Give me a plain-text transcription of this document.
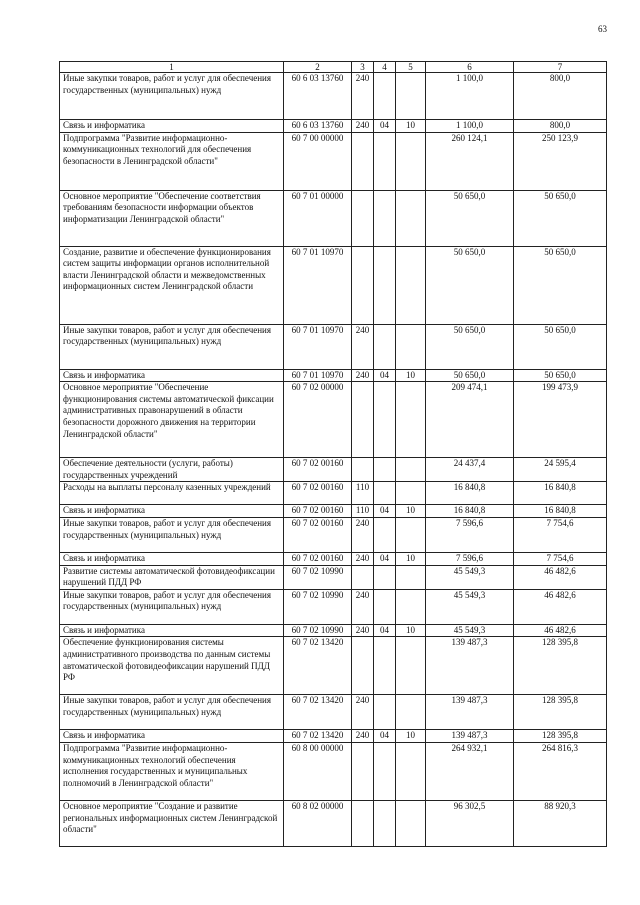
63
1	2	3	4	5	6	7
Иные закупки товаров, работ и услуг для обеспечения государственных (муниципальных) нужд	60 6 03 13760	240			1 100,0	800,0
Связь и информатика	60 6 03 13760	240	04	10	1 100,0	800,0
Подпрограмма "Развитие информационно-коммуникационных технологий для обеспечения безопасности в Ленинградской области"	60 7 00 00000				260 124,1	250 123,9
Основное мероприятие "Обеспечение соответствия требованиям безопасности информации объектов информатизации Ленинградской области"	60 7 01 00000				50 650,0	50 650,0
Создание, развитие и обеспечение функционирования систем защиты информации органов исполнительной власти Ленинградской области и межведомственных информационных систем Ленинградской области	60 7 01 10970				50 650,0	50 650,0
Иные закупки товаров, работ и услуг для обеспечения государственных (муниципальных) нужд	60 7 01 10970	240			50 650,0	50 650,0
Связь и информатика	60 7 01 10970	240	04	10	50 650,0	50 650,0
Основное мероприятие "Обеспечение функционирования системы автоматической фиксации административных правонарушений в области безопасности дорожного движения на территории Ленинградской области"	60 7 02 00000				209 474,1	199 473,9
Обеспечение деятельности (услуги, работы) государственных учреждений	60 7 02 00160				24 437,4	24 595,4
Расходы на выплаты персоналу казенных учреждений	60 7 02 00160	110			16 840,8	16 840,8
Связь и информатика	60 7 02 00160	110	04	10	16 840,8	16 840,8
Иные закупки товаров, работ и услуг для обеспечения государственных (муниципальных) нужд	60 7 02 00160	240			7 596,6	7 754,6
Связь и информатика	60 7 02 00160	240	04	10	7 596,6	7 754,6
Развитие системы автоматической фотовидеофиксации нарушений ПДД РФ	60 7 02 10990				45 549,3	46 482,6
Иные закупки товаров, работ и услуг для обеспечения государственных (муниципальных) нужд	60 7 02 10990	240			45 549,3	46 482,6
Связь и информатика	60 7 02 10990	240	04	10	45 549,3	46 482,6
Обеспечение функционирования системы административного производства по данным системы автоматической фотовидеофиксации нарушений ПДД РФ	60 7 02 13420				139 487,3	128 395,8
Иные закупки товаров, работ и услуг для обеспечения государственных (муниципальных) нужд	60 7 02 13420	240			139 487,3	128 395,8
Связь и информатика	60 7 02 13420	240	04	10	139 487,3	128 395,8
Подпрограмма "Развитие информационно-коммуникационных технологий обеспечения исполнения государственных и муниципальных полномочий в Ленинградской области"	60 8 00 00000				264 932,1	264 816,3
Основное мероприятие "Создание и развитие региональных информационных систем Ленинградской области"	60 8 02 00000				96 302,5	88 920,3
